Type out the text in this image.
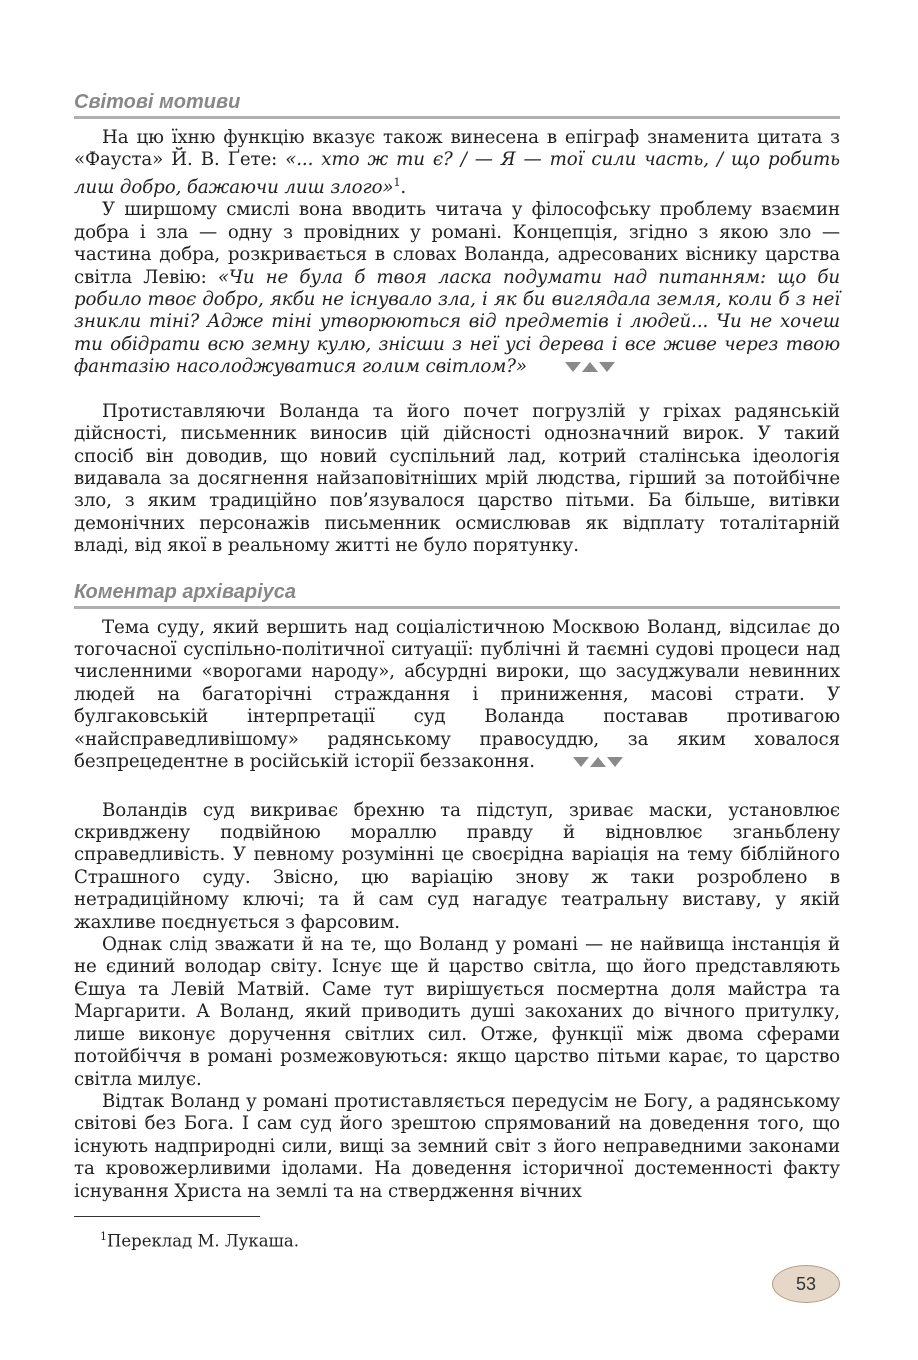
Світові мотиви

На цю їхню функцію вказує також винесена в епіграф знаменита цитата з «Фауста» Й. В. Ґете: «... хто ж ти є? / — Я — тої сили часть, / що робить лиш добро, бажаючи лиш злого»$^1$.

У ширшому смислі вона вводить читача у філософську проблему взаємин добра і зла — одну з провідних у романі. Концепція, згідно з якою зло — частина добра, розкривається в словах Воланда, адресованих віснику царства світла Левію: «Чи не була б твоя ласка подумати над питанням: що би робило твоє добро, якби не існувало зла, і як би виглядала земля, коли б з неї зникли тіні? Адже тіні утворюються від предметів і людей... Чи не хочеш ти обідрати всю земну кулю, знісши з неї усі дерева і все живе через твою фантазію насолоджуватися голим світлом?»

Протиставляючи Воланда та його почет погрузлій у гріхах радянській дійсності, письменник виносив цій дійсності однозначний вирок. У такий спосіб він доводив, що новий суспільний лад, котрий сталінська ідеологія видавала за досягнення найзаповітніших мрій людства, гірший за потойбічне зло, з яким традиційно пов’язувалося царство пітьми. Ба більше, витівки демонічних персонажів письменник осмислював як відплату тоталітарній владі, від якої в реальному житті не було порятунку.

Коментар архіваріуса

Тема суду, який вершить над соціалістичною Москвою Воланд, відсилає до тогочасної суспільно-політичної ситуації: публічні й таємні судові процеси над численними «ворогами народу», абсурдні вироки, що засуджували невинних людей на багаторічні страждання і приниження, масові страти. У булгаковській інтерпретації суд Воланда поставав противагою «найсправедливішому» радянському правосуддю, за яким ховалося безпрецедентне в російській історії беззаконня.

Воландів суд викриває брехню та підступ, зриває маски, установлює скривджену подвійною мораллю правду й відновлює зганьблену справедливість. У певному розумінні це своєрідна варіація на тему біблійного Страшного суду. Звісно, цю варіацію знову ж таки розроблено в нетрадиційному ключі; та й сам суд нагадує театральну виставу, у якій жахливе поєднується з фарсовим.

Однак слід зважати й на те, що Воланд у романі — не найвища інстанція й не єдиний володар світу. Існує ще й царство світла, що його представляють Єшуа та Левій Матвій. Саме тут вирішується посмертна доля майстра та Маргарити. А Воланд, який приводить душі закоханих до вічного притулку, лише виконує доручення світлих сил. Отже, функції між двома сферами потойбіччя в романі розмежовуються: якщо царство пітьми карає, то царство світла милує.

Відтак Воланд у романі протиставляється передусім не Богу, а радянському світові без Бога. І сам суд його зрештою спрямований на доведення того, що існують надприродні сили, вищі за земний світ з його неправедними законами та кровожерливими ідолами. На доведення історичної достеменності факту існування Христа на землі та на ствердження вічних

$^1$Переклад М. Лукаша.
53
